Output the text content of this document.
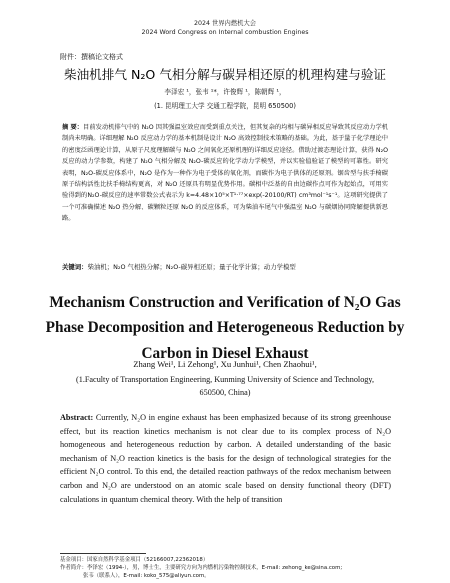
2024 世界内燃机大会
2024 Word Congress on Internal combustion Engines
附件：撰稿论文格式
柴油机排气 N₂O 气相分解与碳异相还原的机理构建与验证
李泽宏 ¹，张韦 ¹*，许俊辉 ¹，陈朝辉 ¹，
(1. 昆明理工大学 交通工程学院，昆明 650500)
摘 要：目前发动机排气中的 N₂O 因其强温室效应而受到重点关注，但其复杂的均相与碳异相反应导致其反应动力学机制尚未明确。详细理解 N₂O 反应动力学的基本机制是设计 N₂O 高效控制技术策略的基础。为此，基于量子化学理论中的密度泛函理论计算，从原子尺度理解碳与 N₂O 之间氧化还原机理的详细反应途径。借助过渡态理论计算，获得 N₂O 反应的动力学参数，构建了 N₂O 气相分解及 N₂O-碳反应的化学动力学模型，并以实验值验证了模型的可靠性。研究表明，N₂O-碳反应体系中，N₂O 是作为一种作为电子受体的氧化剂，而碳作为电子供体的还原剂。锯齿型与扶手椅碳原子结构活性比扶手椅结构更高，对 N₂O 还原具有明显优势作用。碳相中泛基的自由边碳作点可作为起始点，可用实验得到的N₂O-碳反应的速率常数公式表示为 k=4.48×10⁵×T¹·⁷⁷×exp(-20100/RT) cm³mol⁻¹s⁻¹。这项研究提供了一个可准确描述 N₂O 热分解、碳颗粒还原 N₂O 的反应体系，可为柴油车尾气中强温室 N₂O 与碳烟协同降解提供新思路。
关键词：柴油机；N₂O 气相热分解；N₂O-碳异相还原；量子化学计算；动力学模型
Mechanism Construction and Verification of N₂O Gas
Phase Decomposition and Heterogeneous Reduction by
Carbon in Diesel Exhaust
Zhang Wei¹, Li Zehong¹, Xu Junhui¹, Chen Zhaohui¹,
(1.Faculty of Transportation Engineering, Kunming University of Science and Technology,
650500, China)
Abstract: Currently, N₂O in engine exhaust has been emphasized because of its strong greenhouse effect, but its reaction kinetics mechanism is not clear due to its complex process of N₂O homogeneous and heterogeneous reduction by carbon. A detailed understanding of the basic mechanism of N₂O reaction kinetics is the basis for the design of technological strategies for the efficient N₂O control. To this end, the detailed reaction pathways of the redox mechanism between carbon and N₂O are understood on an atomic scale based on density functional theory (DFT) calculations in quantum chemical theory. With the help of transition
基金项目：国家自然科学基金项目（52166007,22362018）
作者简介：李泽宏（1994-），男，博士生，主要研究方向为内燃机污染物控制技术，E-mail: zehong_ke@sina.com;
张韦（联系人），E-mail: koko_575@aliyun.com。
